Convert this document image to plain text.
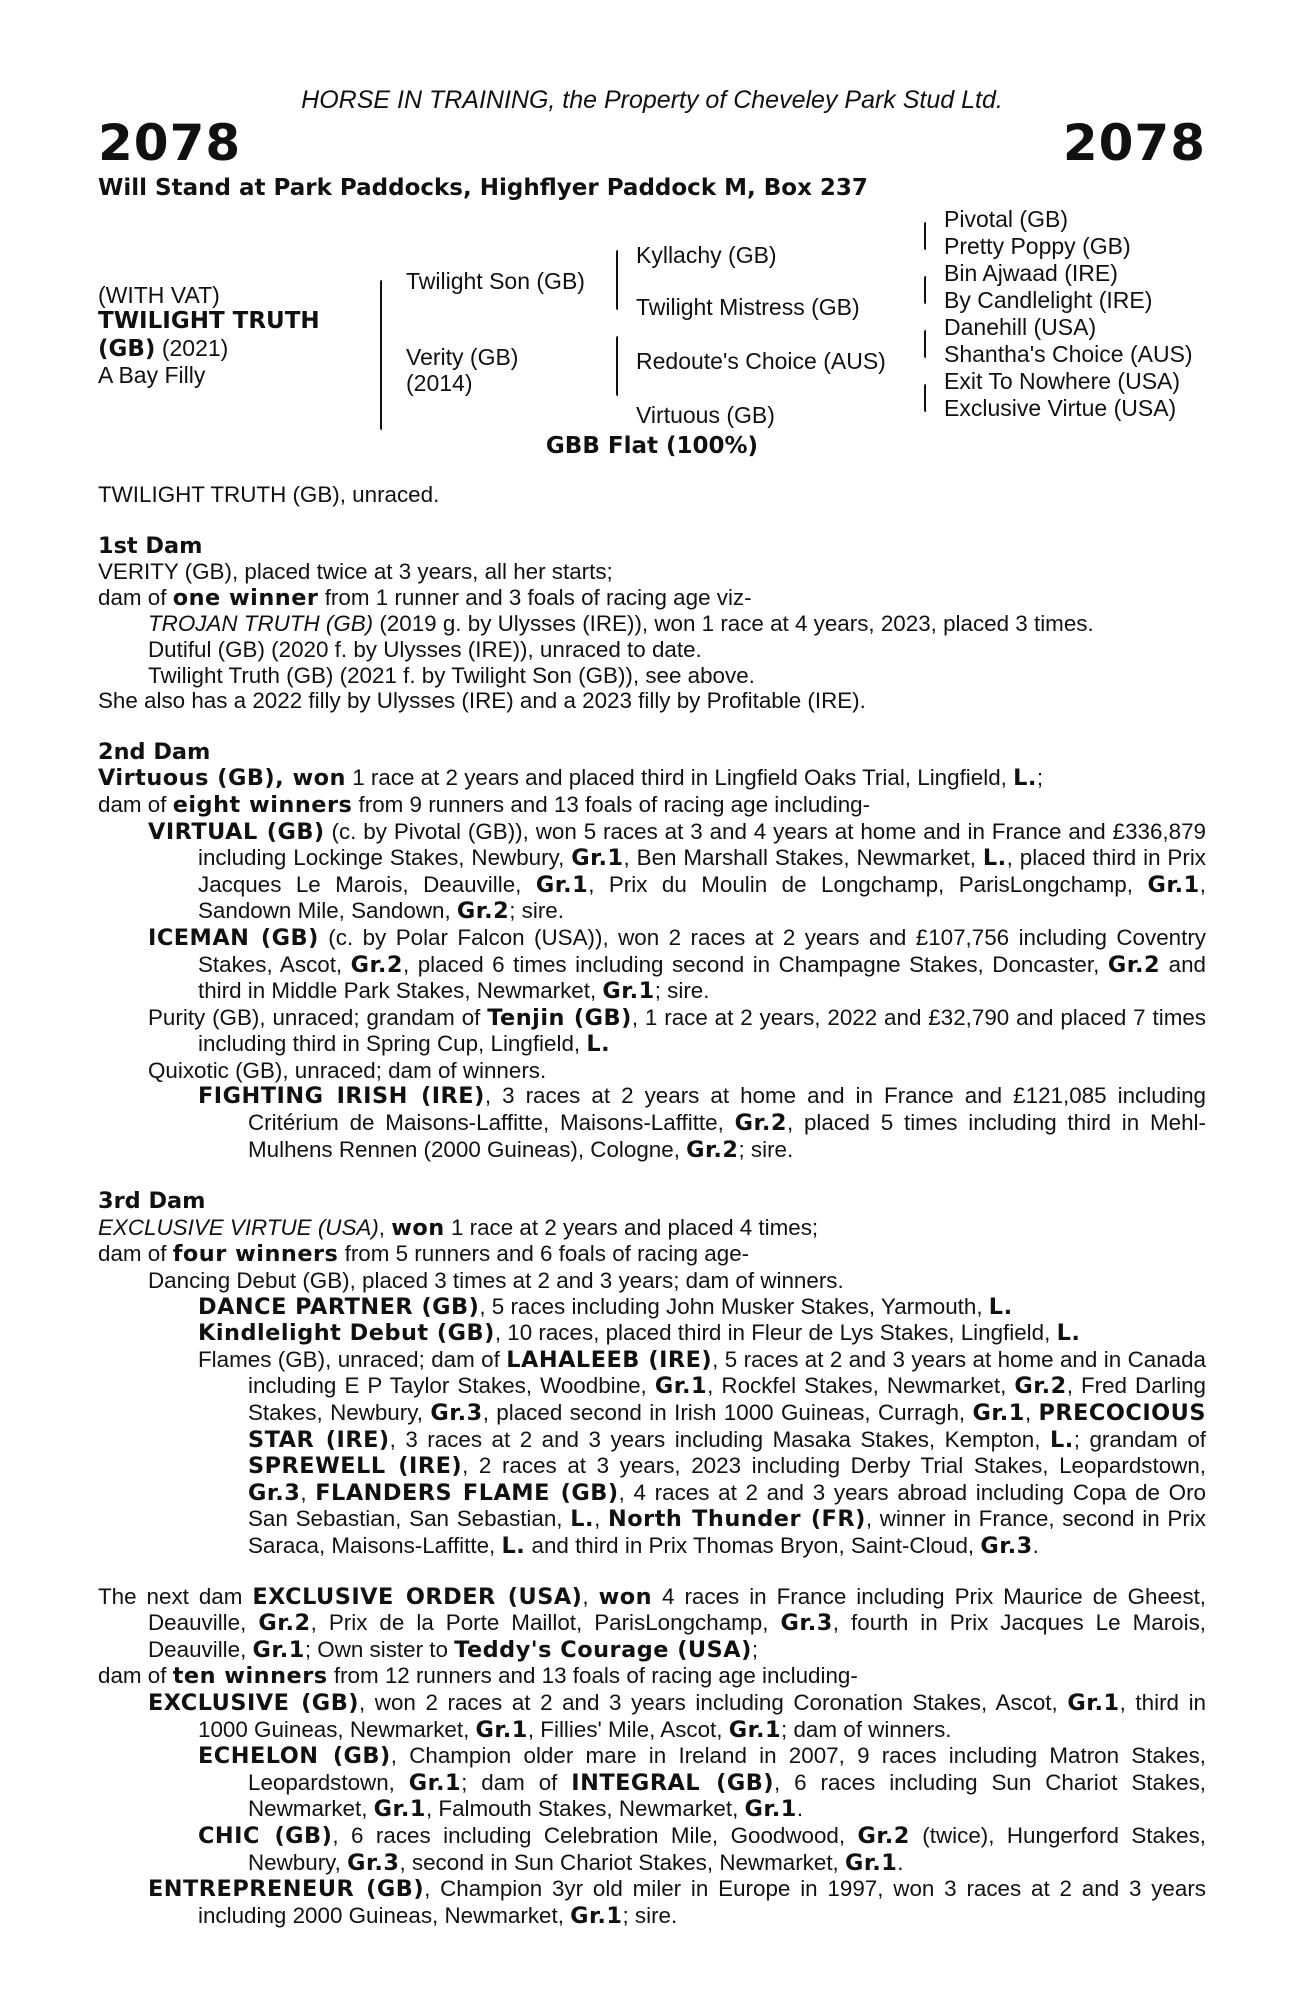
HORSE IN TRAINING, the Property of Cheveley Park Stud Ltd.
2078	2078
Will Stand at Park Paddocks, Highflyer Paddock M, Box 237
(WITH VAT)
TWILIGHT TRUTH
(GB) (2021)
A Bay Filly
Twilight Son (GB)
Verity (GB)
(2014)
Kyllachy (GB)
Twilight Mistress (GB)
Redoute's Choice (AUS)
Virtuous (GB)
Pivotal (GB)
Pretty Poppy (GB)
Bin Ajwaad (IRE)
By Candlelight (IRE)
Danehill (USA)
Shantha's Choice (AUS)
Exit To Nowhere (USA)
Exclusive Virtue (USA)
GBB Flat (100%)

TWILIGHT TRUTH (GB), unraced.

1st Dam

VERITY (GB), placed twice at 3 years, all her starts;

dam of one winner from 1 runner and 3 foals of racing age viz-

TROJAN TRUTH (GB) (2019 g. by Ulysses (IRE)), won 1 race at 4 years, 2023, placed 3 times.

Dutiful (GB) (2020 f. by Ulysses (IRE)), unraced to date.

Twilight Truth (GB) (2021 f. by Twilight Son (GB)), see above.

She also has a 2022 filly by Ulysses (IRE) and a 2023 filly by Profitable (IRE).

2nd Dam

Virtuous (GB), won 1 race at 2 years and placed third in Lingfield Oaks Trial, Lingfield, L.;

dam of eight winners from 9 runners and 13 foals of racing age including-

VIRTUAL (GB) (c. by Pivotal (GB)), won 5 races at 3 and 4 years at home and in France and £336,879 including Lockinge Stakes, Newbury, Gr.1, Ben Marshall Stakes, Newmarket, L., placed third in Prix Jacques Le Marois, Deauville, Gr.1, Prix du Moulin de Longchamp, ParisLongchamp, Gr.1, Sandown Mile, Sandown, Gr.2; sire.

ICEMAN (GB) (c. by Polar Falcon (USA)), won 2 races at 2 years and £107,756 including Coventry Stakes, Ascot, Gr.2, placed 6 times including second in Champagne Stakes, Doncaster, Gr.2 and third in Middle Park Stakes, Newmarket, Gr.1; sire.

Purity (GB), unraced; grandam of Tenjin (GB), 1 race at 2 years, 2022 and £32,790 and placed 7 times including third in Spring Cup, Lingfield, L.

Quixotic (GB), unraced; dam of winners.

FIGHTING IRISH (IRE), 3 races at 2 years at home and in France and £121,085 including Critérium de Maisons-Laffitte, Maisons-Laffitte, Gr.2, placed 5 times including third in Mehl-Mulhens Rennen (2000 Guineas), Cologne, Gr.2; sire.

3rd Dam

EXCLUSIVE VIRTUE (USA), won 1 race at 2 years and placed 4 times;

dam of four winners from 5 runners and 6 foals of racing age-

Dancing Debut (GB), placed 3 times at 2 and 3 years; dam of winners.

DANCE PARTNER (GB), 5 races including John Musker Stakes, Yarmouth, L.

Kindlelight Debut (GB), 10 races, placed third in Fleur de Lys Stakes, Lingfield, L.

Flames (GB), unraced; dam of LAHALEEB (IRE), 5 races at 2 and 3 years at home and in Canada including E P Taylor Stakes, Woodbine, Gr.1, Rockfel Stakes, Newmarket, Gr.2, Fred Darling Stakes, Newbury, Gr.3, placed second in Irish 1000 Guineas, Curragh, Gr.1, PRECOCIOUS STAR (IRE), 3 races at 2 and 3 years including Masaka Stakes, Kempton, L.; grandam of SPREWELL (IRE), 2 races at 3 years, 2023 including Derby Trial Stakes, Leopardstown, Gr.3, FLANDERS FLAME (GB), 4 races at 2 and 3 years abroad including Copa de Oro San Sebastian, San Sebastian, L., North Thunder (FR), winner in France, second in Prix Saraca, Maisons-Laffitte, L. and third in Prix Thomas Bryon, Saint-Cloud, Gr.3.

The next dam EXCLUSIVE ORDER (USA), won 4 races in France including Prix Maurice de Gheest, Deauville, Gr.2, Prix de la Porte Maillot, ParisLongchamp, Gr.3, fourth in Prix Jacques Le Marois, Deauville, Gr.1; Own sister to Teddy's Courage (USA);

dam of ten winners from 12 runners and 13 foals of racing age including-

EXCLUSIVE (GB), won 2 races at 2 and 3 years including Coronation Stakes, Ascot, Gr.1, third in 1000 Guineas, Newmarket, Gr.1, Fillies' Mile, Ascot, Gr.1; dam of winners.

ECHELON (GB), Champion older mare in Ireland in 2007, 9 races including Matron Stakes, Leopardstown, Gr.1; dam of INTEGRAL (GB), 6 races including Sun Chariot Stakes, Newmarket, Gr.1, Falmouth Stakes, Newmarket, Gr.1.

CHIC (GB), 6 races including Celebration Mile, Goodwood, Gr.2 (twice), Hungerford Stakes, Newbury, Gr.3, second in Sun Chariot Stakes, Newmarket, Gr.1.

ENTREPRENEUR (GB), Champion 3yr old miler in Europe in 1997, won 3 races at 2 and 3 years including 2000 Guineas, Newmarket, Gr.1; sire.
